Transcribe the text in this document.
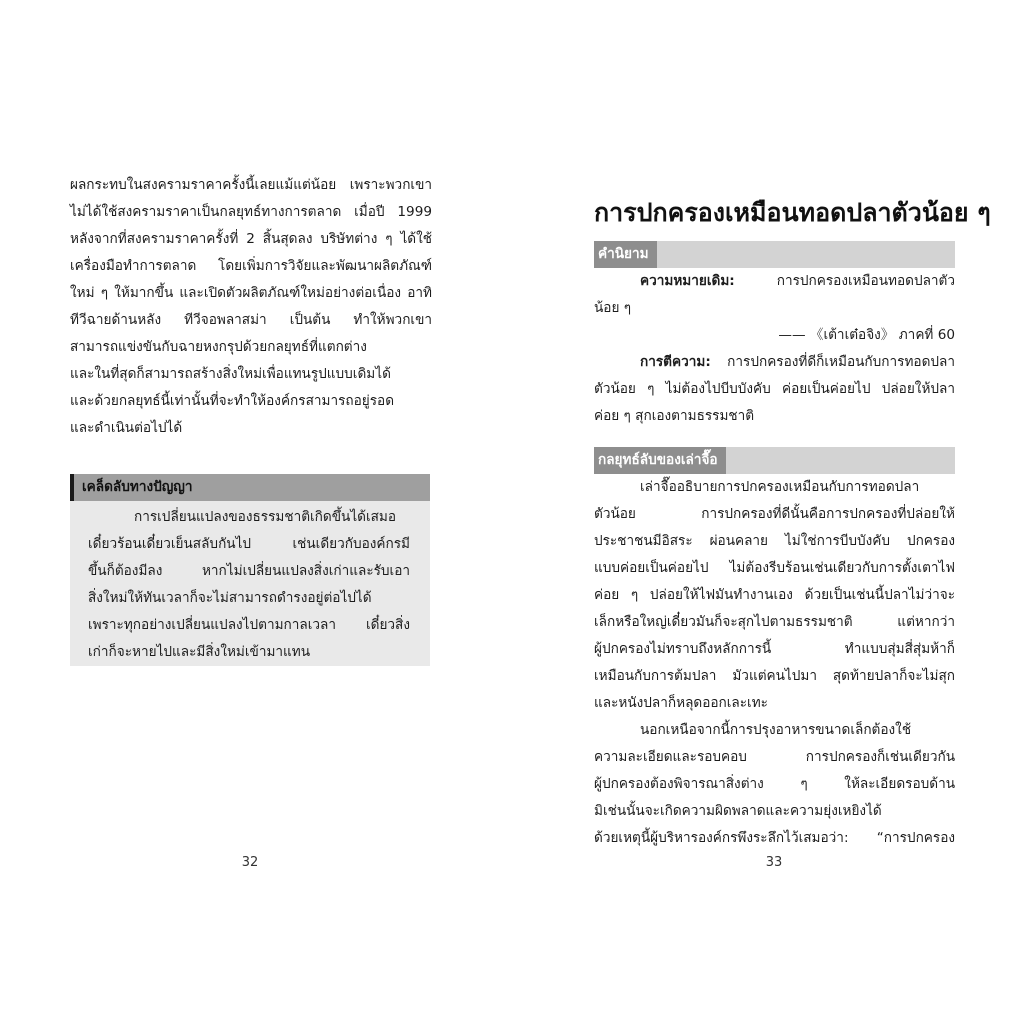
ผลกระทบในสงครามราคาครั้งนี้เลยแม้แต่น้อย เพราะพวกเขา
ไม่ได้ใช้สงครามราคาเป็นกลยุทธ์ทางการตลาด เมื่อปี 1999
หลังจากที่สงครามราคาครั้งที่ 2 สิ้นสุดลง บริษัทต่าง ๆ ได้ใช้
เครื่องมือทำการตลาด โดยเพิ่มการวิจัยและพัฒนาผลิตภัณฑ์
ใหม่ ๆ ให้มากขึ้น และเปิดตัวผลิตภัณฑ์ใหม่อย่างต่อเนื่อง อาทิ
ทีวีฉายด้านหลัง ทีวีจอพลาสม่า เป็นต้น ทำให้พวกเขา
สามารถแข่งขันกับฉายหงกรุปด้วยกลยุทธ์ที่แตกต่าง
และในที่สุดก็สามารถสร้างสิ่งใหม่เพื่อแทนรูปแบบเดิมได้
และด้วยกลยุทธ์นี้เท่านั้นที่จะทำให้องค์กรสามารถอยู่รอด
และดำเนินต่อไปได้
เคล็ดลับทางปัญญา
การเปลี่ยนแปลงของธรรมชาติเกิดขึ้นได้เสมอ
เดี๋ยวร้อนเดี๋ยวเย็นสลับกันไป เช่นเดียวกับองค์กรมี
ขึ้นก็ต้องมีลง หากไม่เปลี่ยนแปลงสิ่งเก่าและรับเอา
สิ่งใหม่ให้ทันเวลาก็จะไม่สามารถดำรงอยู่ต่อไปได้
เพราะทุกอย่างเปลี่ยนแปลงไปตามกาลเวลา เดี๋ยวสิ่ง
เก่าก็จะหายไปและมีสิ่งใหม่เข้ามาแทน
32
การปกครองเหมือนทอดปลาตัวน้อย ๆ
คำนิยาม
ความหมายเดิม: การปกครองเหมือนทอดปลาตัว
น้อย ๆ
—— 《เต้าเต๋อจิง》 ภาคที่ 60
การตีความ: การปกครองที่ดีก็เหมือนกับการทอดปลา
ตัวน้อย ๆ ไม่ต้องไปบีบบังคับ ค่อยเป็นค่อยไป ปล่อยให้ปลา
ค่อย ๆ สุกเองตามธรรมชาติ
กลยุทธ์ลับของเล่าจื๊อ
เล่าจื๊ออธิบายการปกครองเหมือนกับการทอดปลา
ตัวน้อย การปกครองที่ดีนั้นคือการปกครองที่ปล่อยให้
ประชาชนมีอิสระ ผ่อนคลาย ไม่ใช่การบีบบังคับ ปกครอง
แบบค่อยเป็นค่อยไป ไม่ต้องรีบร้อนเช่นเดียวกับการตั้งเตาไฟ
ค่อย ๆ ปล่อยให้ไฟมันทำงานเอง ด้วยเป็นเช่นนี้ปลาไม่ว่าจะ
เล็กหรือใหญ่เดี๋ยวมันก็จะสุกไปตามธรรมชาติ แต่หากว่า
ผู้ปกครองไม่ทราบถึงหลักการนี้ ทำแบบสุ่มสี่สุ่มห้าก็
เหมือนกับการต้มปลา มัวแต่คนไปมา สุดท้ายปลาก็จะไม่สุก
และหนังปลาก็หลุดออกเละเทะ
นอกเหนือจากนี้การปรุงอาหารขนาดเล็กต้องใช้
ความละเอียดและรอบคอบ การปกครองก็เช่นเดียวกัน
ผู้ปกครองต้องพิจารณาสิ่งต่าง ๆ ให้ละเอียดรอบด้าน
มิเช่นนั้นจะเกิดความผิดพลาดและความยุ่งเหยิงได้
ด้วยเหตุนี้ผู้บริหารองค์กรพึงระลึกไว้เสมอว่า: “การปกครอง
33
